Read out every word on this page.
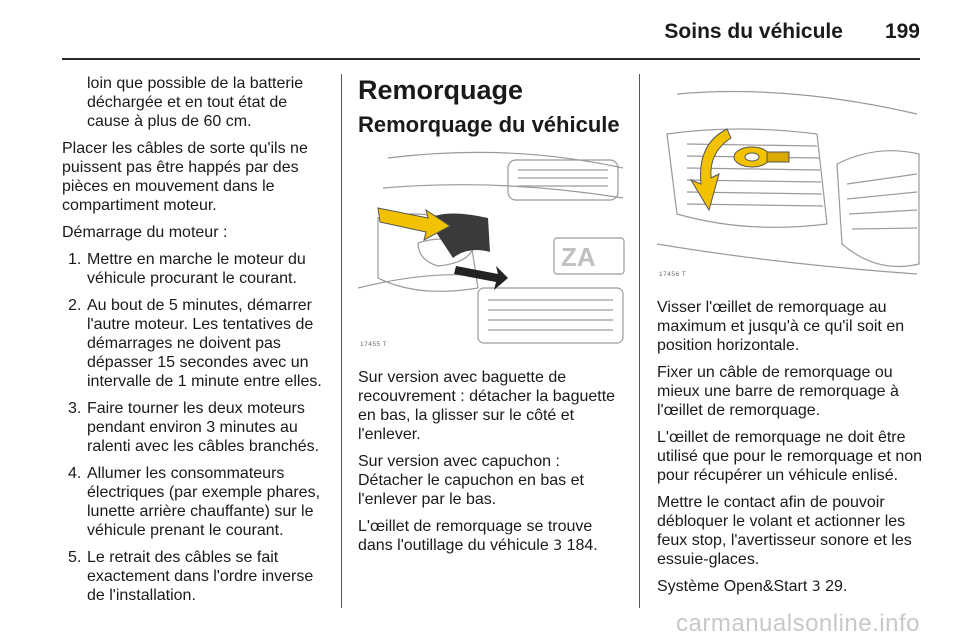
Soins du véhicule 199

loin que possible de la batterie déchargée et en tout état de cause à plus de 60 cm.

Placer les câbles de sorte qu'ils ne puissent pas être happés par des pièces en mouvement dans le compartiment moteur.

Démarrage du moteur :

1. Mettre en marche le moteur du véhicule procurant le courant.
2. Au bout de 5 minutes, démarrer l'autre moteur. Les tentatives de démarrages ne doivent pas dépasser 15 secondes avec un intervalle de 1 minute entre elles.
3. Faire tourner les deux moteurs pendant environ 3 minutes au ralenti avec les câbles branchés.
4. Allumer les consommateurs électriques (par exemple phares, lunette arrière chauffante) sur le véhicule prenant le courant.
5. Le retrait des câbles se fait exactement dans l'ordre inverse de l'installation.
Remorquage
Remorquage du véhicule
ZA
17455 T

Sur version avec baguette de recouvrement : détacher la baguette en bas, la glisser sur le côté et l'enlever.

Sur version avec capuchon : Détacher le capuchon en bas et l'enlever par le bas.

L'œillet de remorquage se trouve dans l'outillage du véhicule 3 184.

17456 T

Visser l'œillet de remorquage au maximum et jusqu'à ce qu'il soit en position horizontale.

Fixer un câble de remorquage ou mieux une barre de remorquage à l'œillet de remorquage.

L'œillet de remorquage ne doit être utilisé que pour le remorquage et non pour récupérer un véhicule enlisé.

Mettre le contact afin de pouvoir débloquer le volant et actionner les feux stop, l'avertisseur sonore et les essuie-glaces.

Système Open&Start 3 29.

carmanualsonline.info
